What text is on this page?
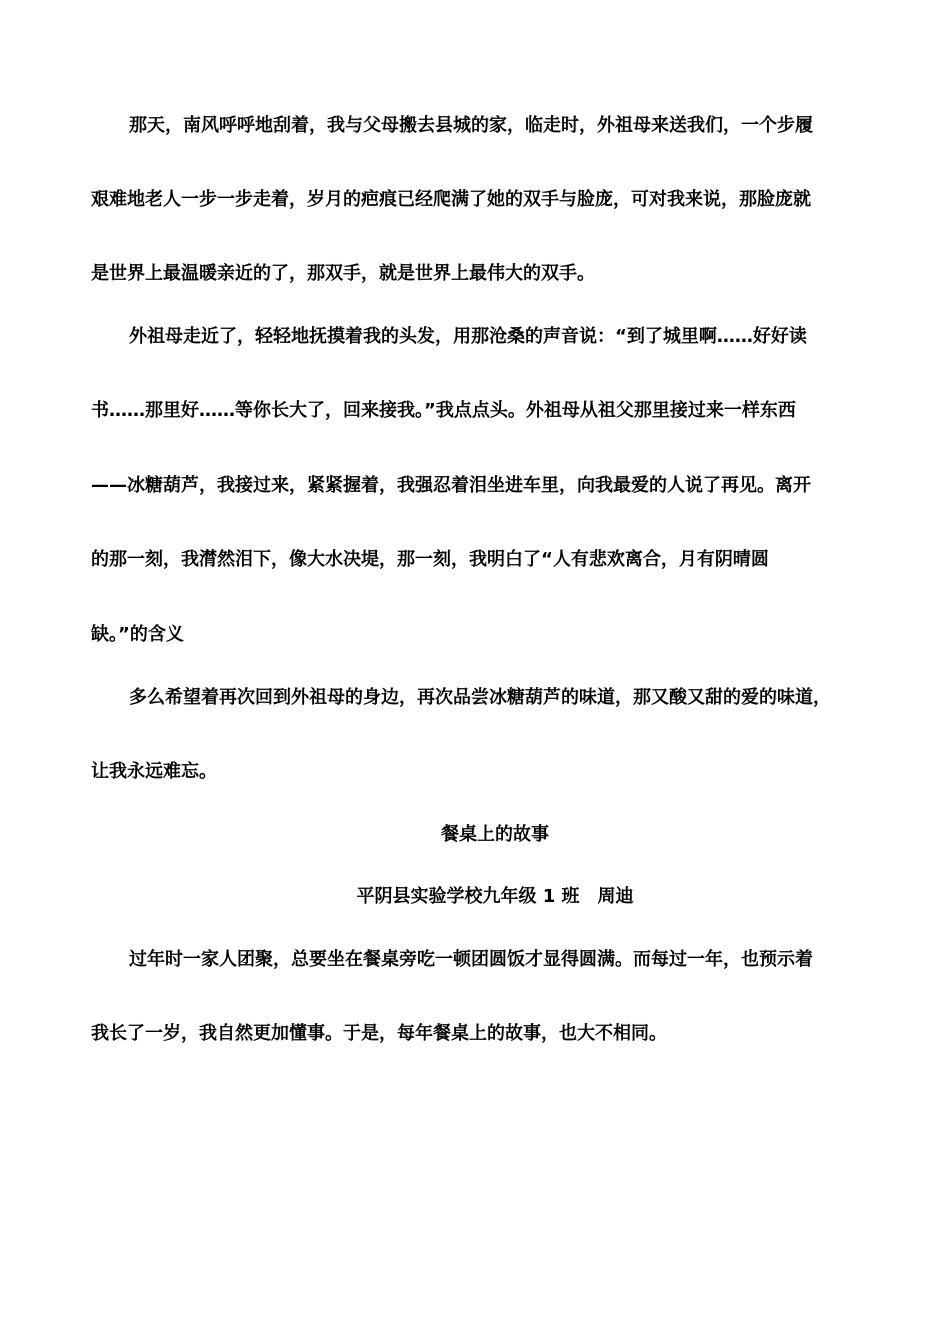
那天，南风呼呼地刮着，我与父母搬去县城的家，临走时，外祖母来送我们，一个步履
艰难地老人一步一步走着，岁月的疤痕已经爬满了她的双手与脸庞，可对我来说，那脸庞就
是世界上最温暖亲近的了，那双手，就是世界上最伟大的双手。
外祖母走近了，轻轻地抚摸着我的头发，用那沧桑的声音说：“到了城里啊……好好读
书……那里好……等你长大了，回来接我。”我点点头。外祖母从祖父那里接过来一样东西
——冰糖葫芦，我接过来，紧紧握着，我强忍着泪坐进车里，向我最爱的人说了再见。离开
的那一刻，我潸然泪下，像大水决堤，那一刻，我明白了“人有悲欢离合，月有阴晴圆
缺。”的含义
多么希望着再次回到外祖母的身边，再次品尝冰糖葫芦的味道，那又酸又甜的爱的味道，
让我永远难忘。
餐桌上的故事
平阴县实验学校九年级 1 班　周迪
过年时一家人团聚，总要坐在餐桌旁吃一顿团圆饭才显得圆满。而每过一年，也预示着
我长了一岁，我自然更加懂事。于是，每年餐桌上的故事，也大不相同。
